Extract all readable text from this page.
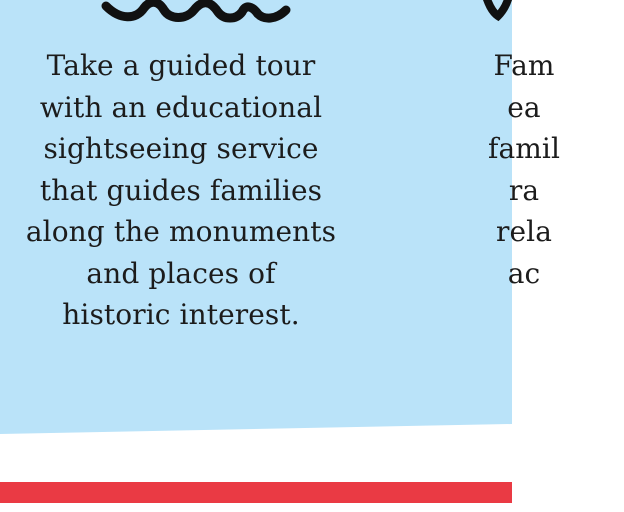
Take a guided tour
with an educational
sightseeing service
that guides families
along the monuments
and places of
historic interest.
Fam
ea
famil
ra
rela
ac
